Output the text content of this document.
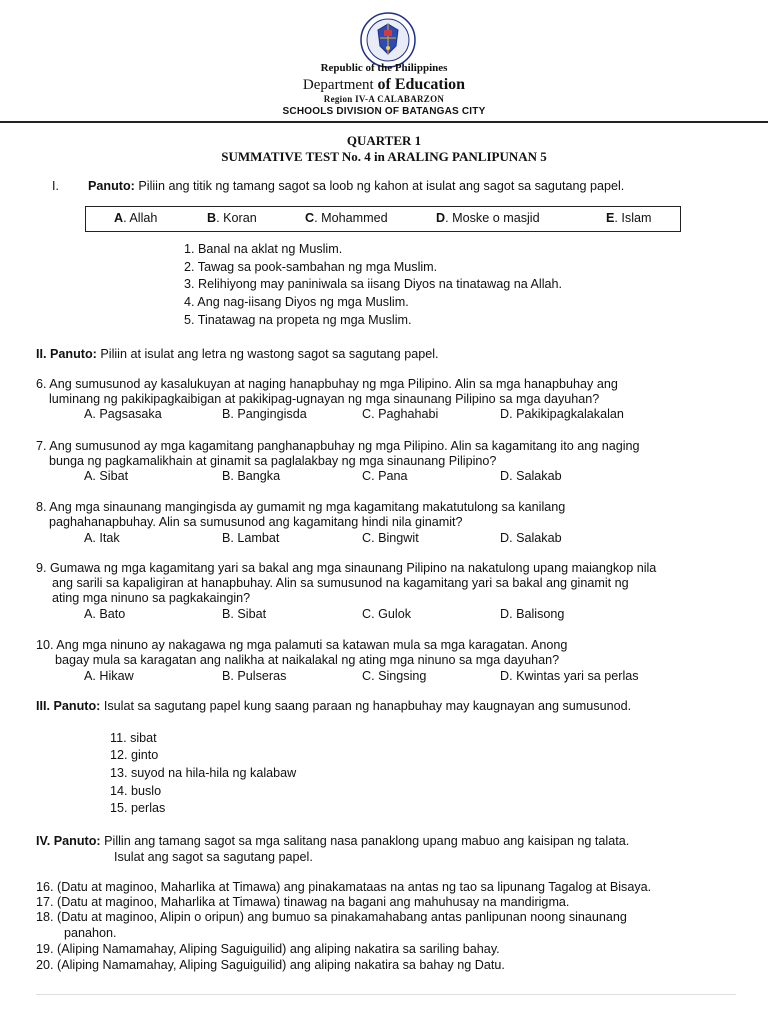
Republic of the Philippines
Department of Education
Region IV-A CALABARZON
SCHOOLS DIVISION OF BATANGAS CITY
QUARTER 1
SUMMATIVE TEST No. 4 in ARALING PANLIPUNAN 5
I. Panuto: Piliin ang titik ng tamang sagot sa loob ng kahon at isulat ang sagot sa sagutang papel.
A. Allah	B. Koran	C. Mohammed	D. Moske o masjid	E. Islam
1. Banal na aklat ng Muslim.
2. Tawag sa pook-sambahan ng mga Muslim.
3. Relihiyong may paniniwala sa iisang Diyos na tinatawag na Allah.
4. Ang nag-iisang Diyos ng mga Muslim.
5. Tinatawag na propeta ng mga Muslim.
II. Panuto: Piliin at isulat ang letra ng wastong sagot sa sagutang papel.
6. Ang sumusunod ay kasalukuyan at naging hanapbuhay ng mga Pilipino. Alin sa mga hanapbuhay ang
luminang ng pakikipagkaibigan at pakikipag-ugnayan ng mga sinaunang Pilipino sa mga dayuhan?
A. Pagsasaka	B. Pangingisda	C. Paghahabi	D. Pakikipagkalakalan
7. Ang sumusunod ay mga kagamitang panghanapbuhay ng mga Pilipino. Alin sa kagamitang ito ang naging
bunga ng pagkamalikhain at ginamit sa paglalakbay ng mga sinaunang Pilipino?
A. Sibat	B. Bangka	C. Pana	D. Salakab
8. Ang mga sinaunang mangingisda ay gumamit ng mga kagamitang makatutulong sa kanilang
paghahanapbuhay. Alin sa sumusunod ang kagamitang hindi nila ginamit?
A. Itak	B. Lambat	C. Bingwit	D. Salakab
9. Gumawa ng mga kagamitang yari sa bakal ang mga sinaunang Pilipino na nakatulong upang maiangkop nila
ang sarili sa kapaligiran at hanapbuhay. Alin sa sumusunod na kagamitang yari sa bakal ang ginamit ng
ating mga ninuno sa pagkakaingin?
A. Bato	B. Sibat	C. Gulok	D. Balisong
10. Ang mga ninuno ay nakagawa ng mga palamuti sa katawan mula sa mga karagatan. Anong
bagay mula sa karagatan ang nalikha at naikalakal ng ating mga ninuno sa mga dayuhan?
A. Hikaw	B. Pulseras	C. Singsing	D. Kwintas yari sa perlas
III. Panuto: Isulat sa sagutang papel kung saang paraan ng hanapbuhay may kaugnayan ang sumusunod.
11. sibat
12. ginto
13. suyod na hila-hila ng kalabaw
14. buslo
15. perlas
IV. Panuto: Pillin ang tamang sagot sa mga salitang nasa panaklong upang mabuo ang kaisipan ng talata.
Isulat ang sagot sa sagutang papel.
16. (Datu at maginoo, Maharlika at Timawa) ang pinakamataas na antas ng tao sa lipunang Tagalog at Bisaya.
17. (Datu at maginoo, Maharlika at Timawa) tinawag na bagani ang mahuhusay na mandirigma.
18. (Datu at maginoo, Alipin o oripun) ang bumuo sa pinakamahabang antas panlipunan noong sinaunang
panahon.
19. (Aliping Namamahay, Aliping Saguiguilid) ang aliping nakatira sa sariling bahay.
20. (Aliping Namamahay, Aliping Saguiguilid) ang aliping nakatira sa bahay ng Datu.
